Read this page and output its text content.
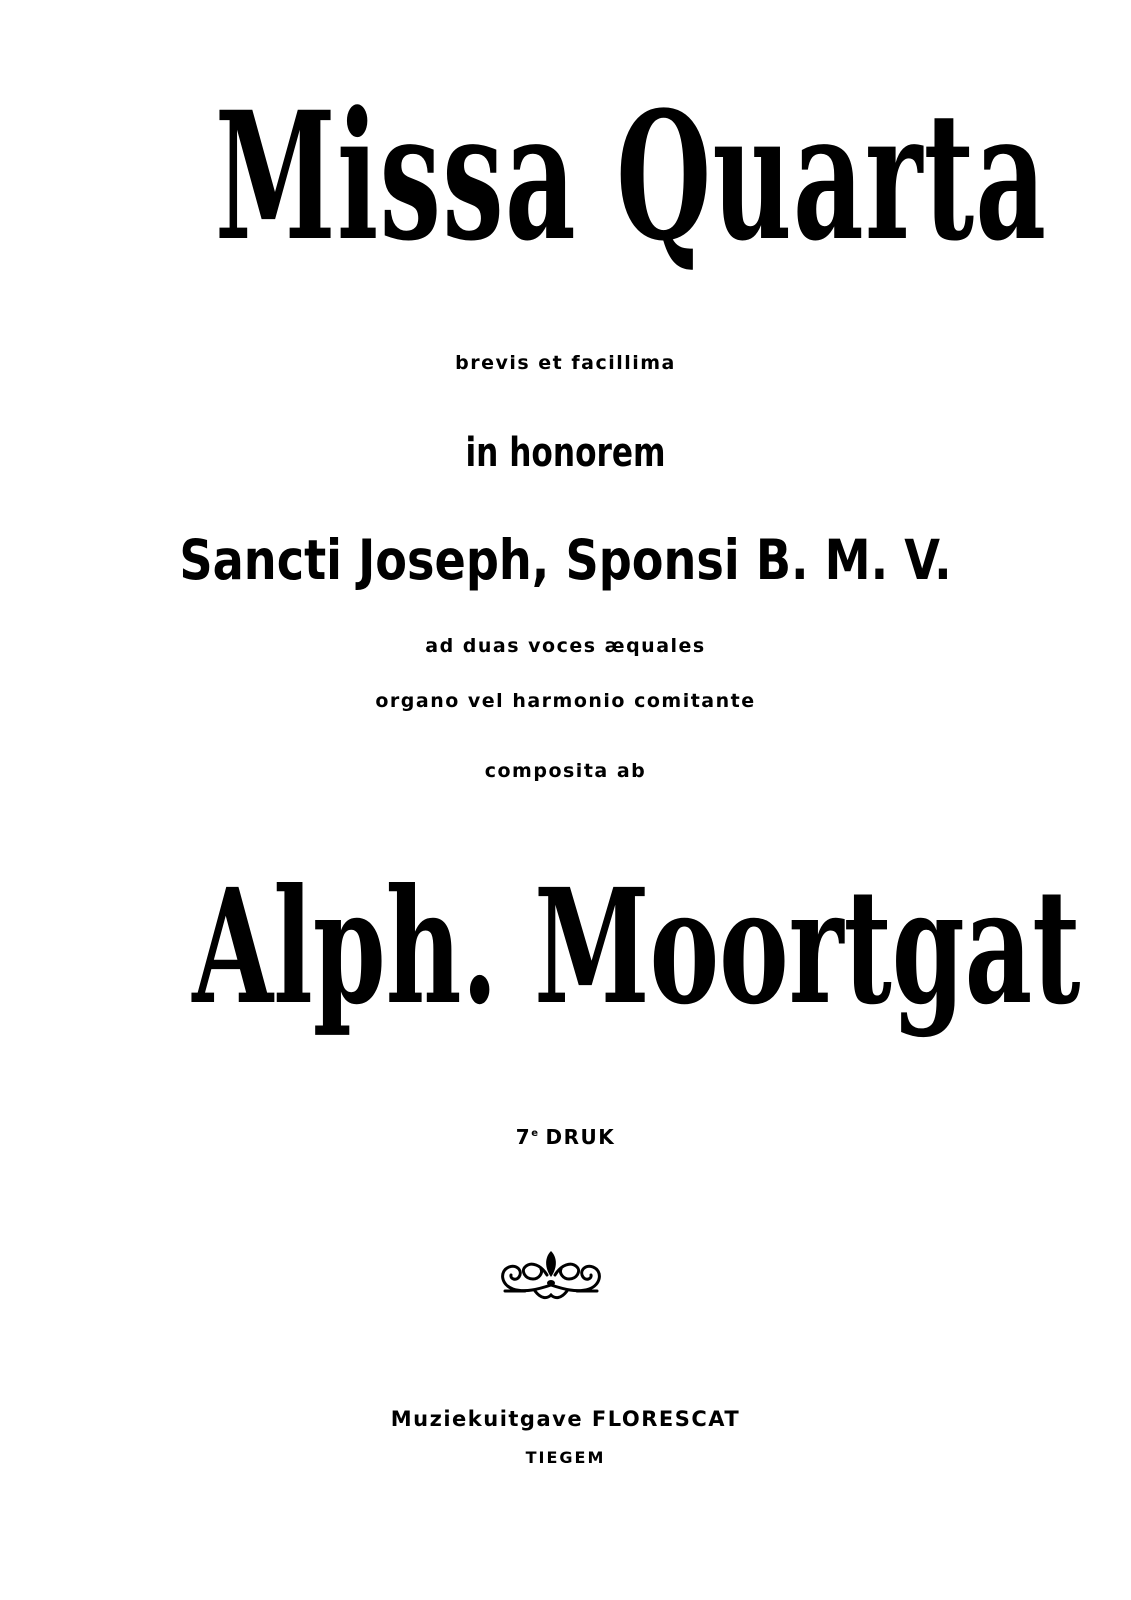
Missa Quarta
brevis et facillima
in honorem
Sancti Joseph, Sponsi B. M. V.
ad duas voces æquales
organo vel harmonio comitante
composita ab
Alph. Moortgat
7e DRUK
Muziekuitgave FLORESCAT
TIEGEM
